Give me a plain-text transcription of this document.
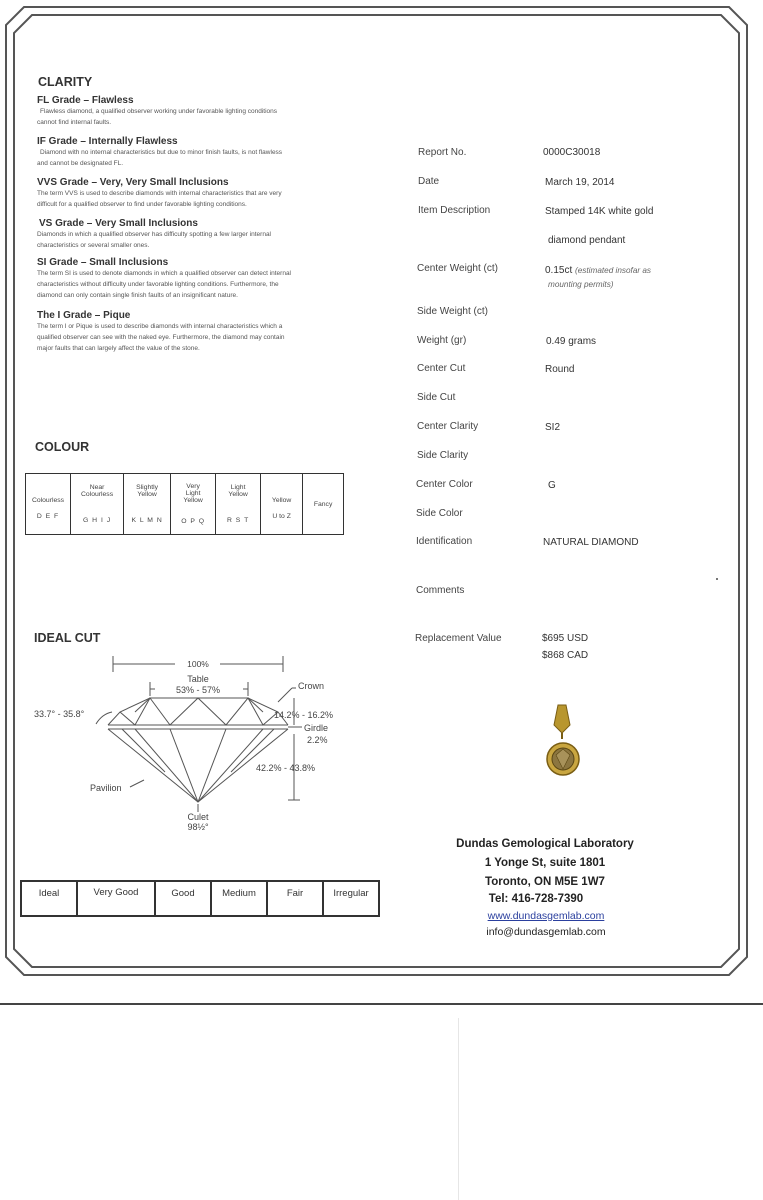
CLARITY
FL Grade – Flawless
Flawless diamond, a qualified observer working under favorable lighting conditions
cannot find internal faults.
IF Grade – Internally Flawless
Diamond with no internal characteristics but due to minor finish faults, is not flawless
and cannot be designated FL.
VVS Grade – Very, Very Small Inclusions
The term VVS is used to describe diamonds with internal characteristics that are very
difficult for a qualified observer to find under favorable lighting conditions.
VS Grade – Very Small Inclusions
Diamonds in which a qualified observer has difficulty spotting a few larger internal
characteristics or several smaller ones.
SI Grade – Small Inclusions
The term SI is used to denote diamonds in which a qualified observer can detect internal
characteristics without difficulty under favorable lighting conditions. Furthermore, the
diamond can only contain single finish faults of an insignificant nature.
The I Grade – Pique
The term I or Pique is used to describe diamonds with internal characteristics which a
qualified observer can see with the naked eye. Furthermore, the diamond may contain
major faults that can largely affect the value of the stone.
COLOUR
Colourless
D E F

Near Colourless
G H I J

Slightly Yellow
K L M N

Very Light Yellow
O P Q

Light Yellow
R S T

Yellow
U to Z

Fancy
IDEAL CUT
100%
Table
53% - 57%	Crown
33.7° - 35.8°	14.2% - 16.2%
Girdle
2.2%
42.2% - 43.8%
Pavilion
Culet
98½°
Ideal	Very Good	Good	Medium	Fair	Irregular
Report No.	0000C30018
Date	March 19, 2014
Item Description	Stamped 14K white gold
diamond pendant
Center Weight (ct)	0.15ct (estimated insofar as
mounting permits)
Side Weight (ct)
Weight (gr)	0.49 grams
Center Cut	Round
Side Cut
Center Clarity	SI2
Side Clarity
Center Color	G
Side Color
Identification	NATURAL DIAMOND
Comments
Replacement Value	$695 USD
$868 CAD
Dundas Gemological Laboratory
1 Yonge St, suite 1801
Toronto, ON M5E 1W7
Tel: 416-728-7390
www.dundasgemlab.com
info@dundasgemlab.com
